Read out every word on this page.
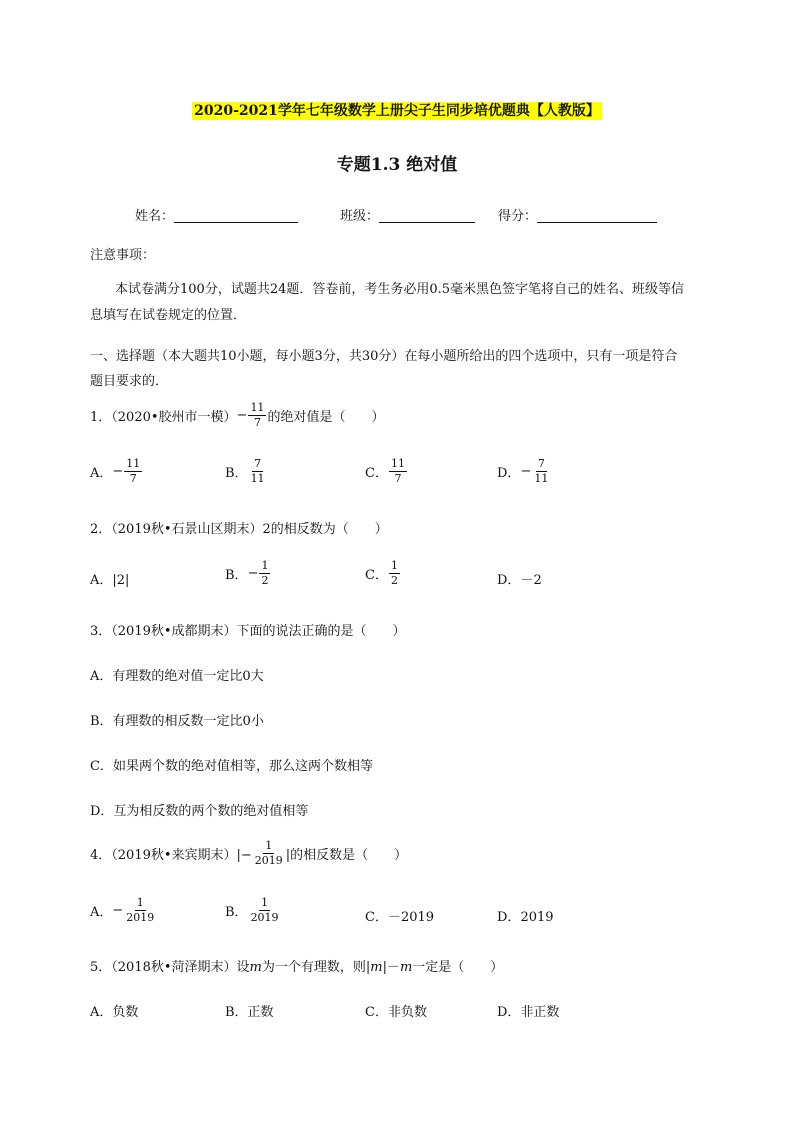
2020-2021学年七年级数学上册尖子生同步培优题典【人教版】
专题1.3 绝对值
姓名：	班级：	得分：
注意事项：
本试卷满分100分，试题共24题．答卷前，考生务必用0.5毫米黑色签字笔将自己的姓名、班级等信
息填写在试卷规定的位置．
一、选择题（本大题共10小题，每小题3分，共30分）在每小题所给出的四个选项中，只有一项是符合
题目要求的．
1．（2020•胶州市一模） − $\frac{11}{7}$ 的绝对值是（　　）
A． − $\frac{11}{7}$	B． $\frac{7}{11}$	C． $\frac{11}{7}$	D． − $\frac{7}{11}$
2．（2019秋•石景山区期末）2的相反数为（　　）
A．|2|	B． − $\frac{1}{2}$	C． $\frac{1}{2}$	D．－2
3．（2019秋•成都期末）下面的说法正确的是（　　）
A．有理数的绝对值一定比0大
B．有理数的相反数一定比0小
C．如果两个数的绝对值相等，那么这两个数相等
D．互为相反数的两个数的绝对值相等
4．（2019秋•来宾期末）|− $\frac{1}{2019}$ |的相反数是（　　）
A． − $\frac{1}{2019}$	B． $\frac{1}{2019}$	C．－2019	D．2019
5．（2018秋•菏泽期末）设m为一个有理数，则|m|－m一定是（　　）
A．负数	B．正数	C．非负数	D．非正数
